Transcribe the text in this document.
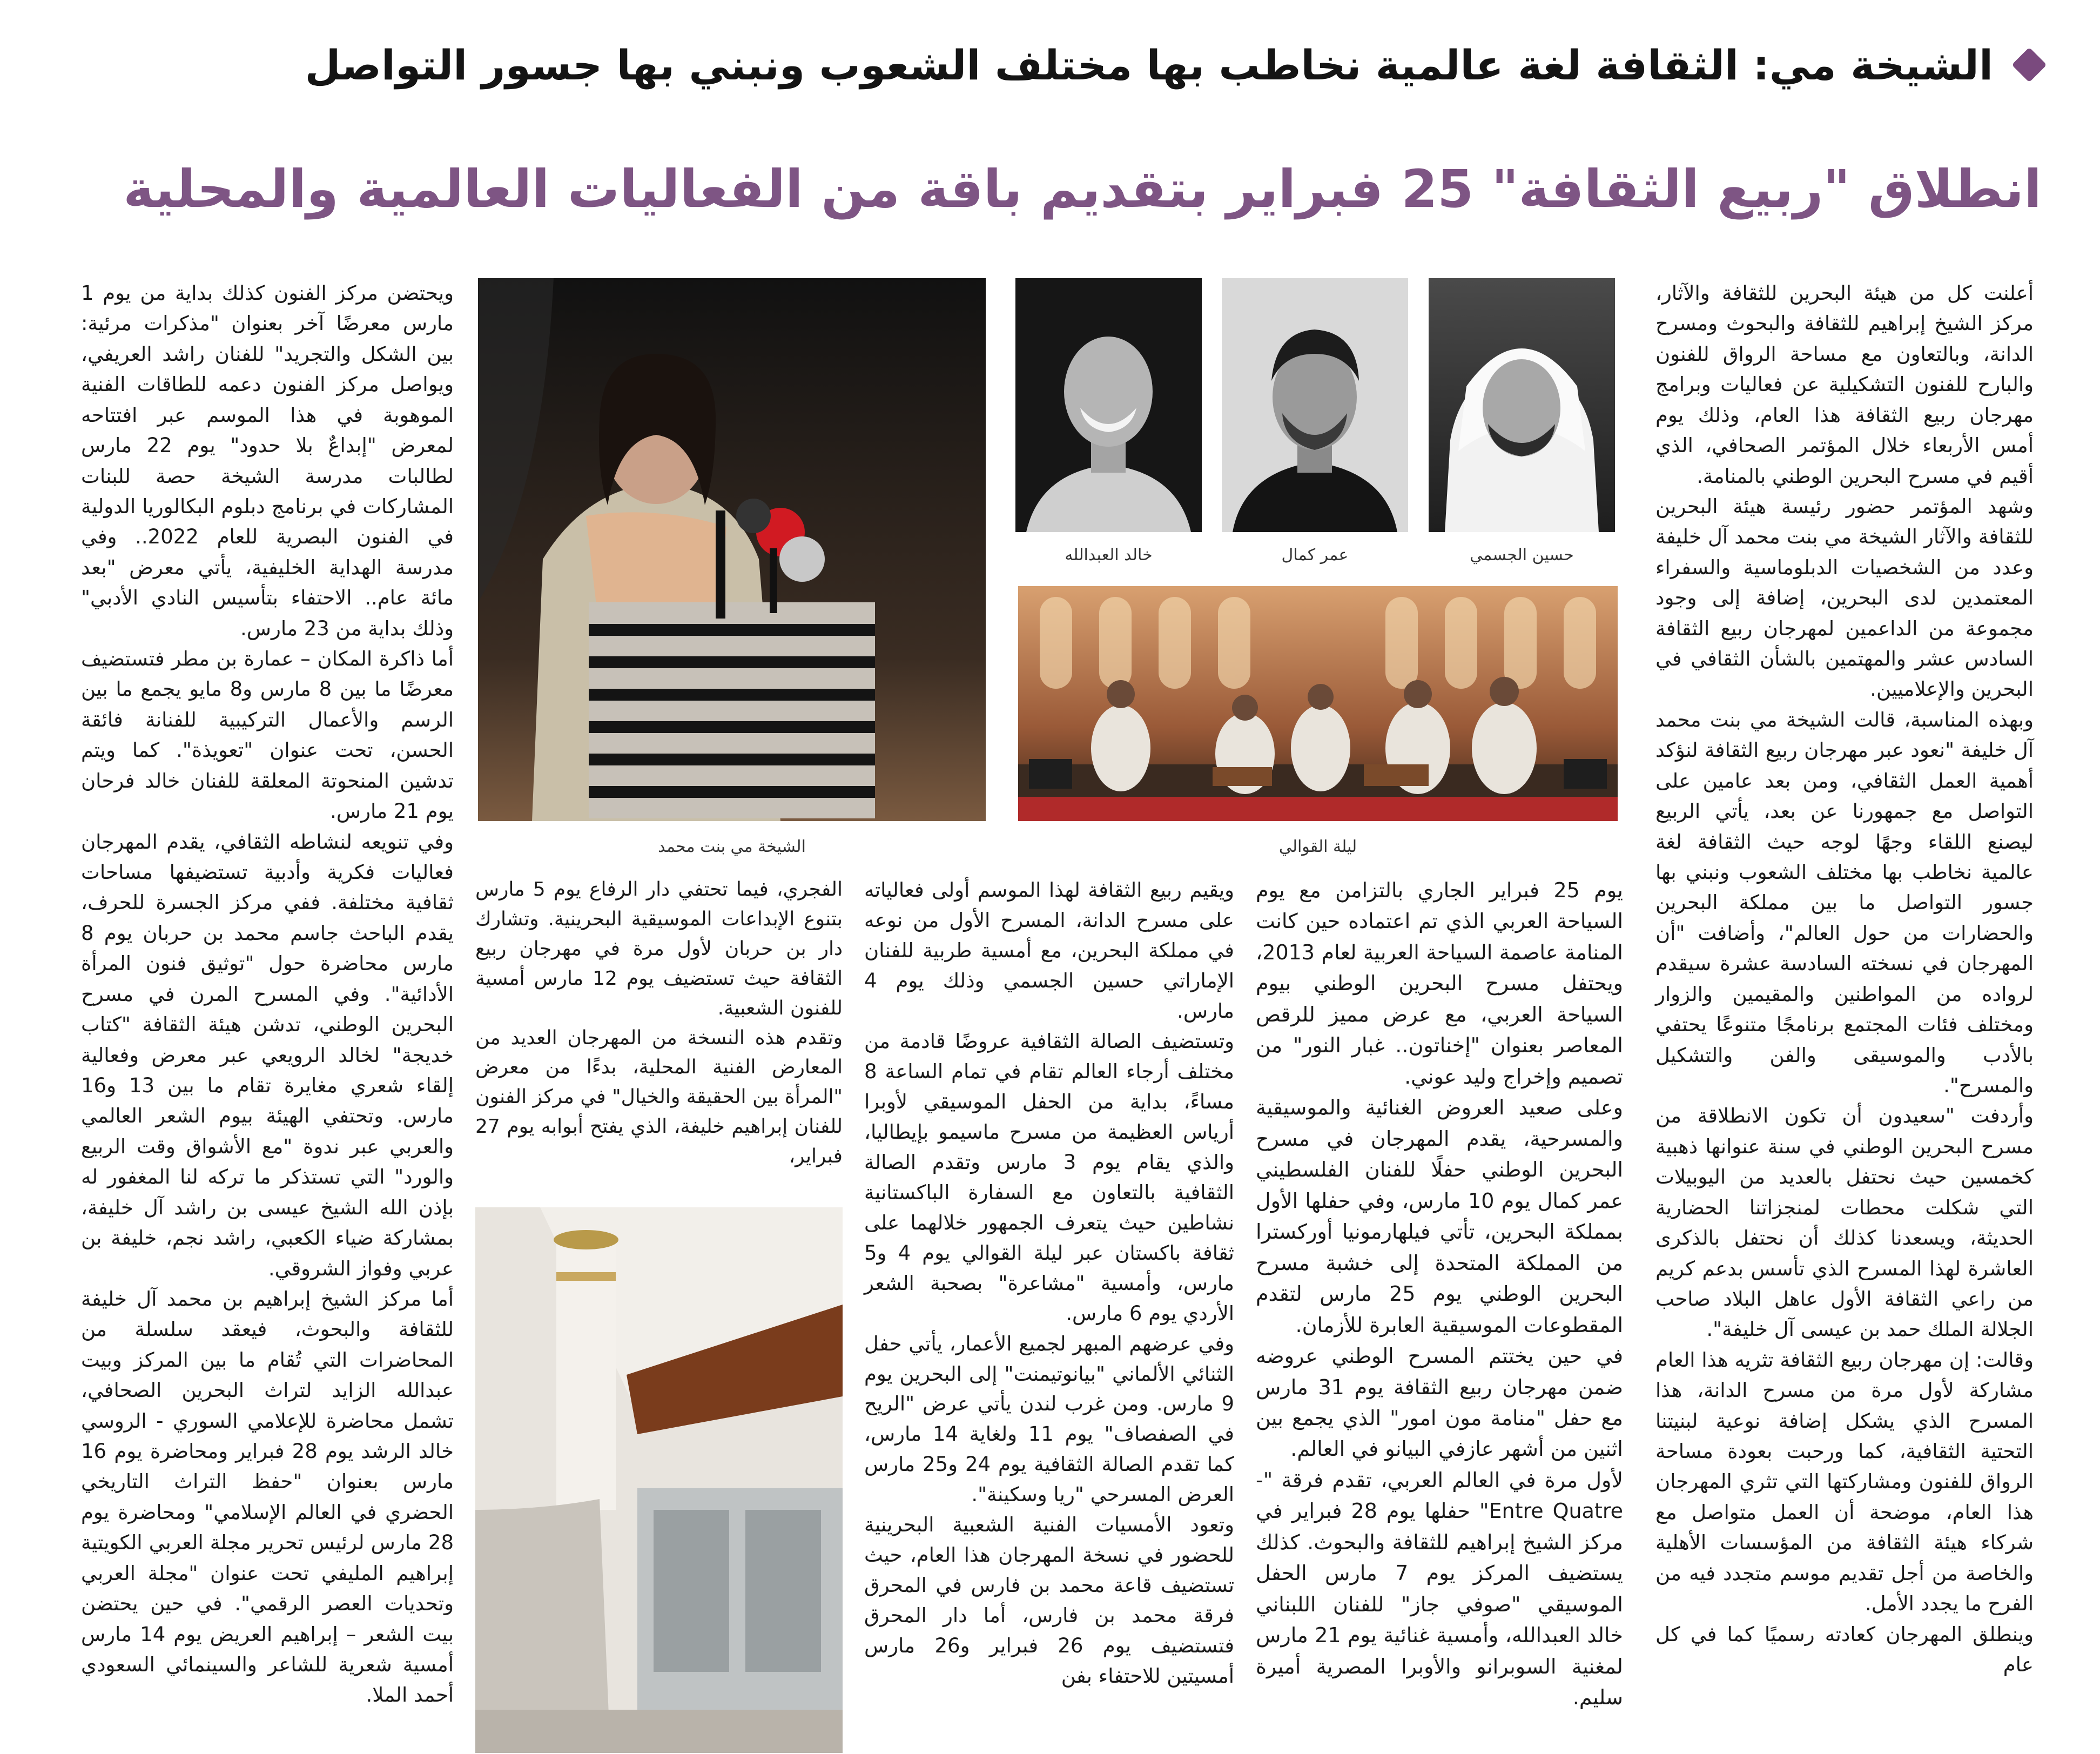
الشيخة مي: الثقافة لغة عالمية نخاطب بها مختلف الشعوب ونبني بها جسور التواصل
انطلاق "ربيع الثقافة" 25 فبراير بتقديم باقة من الفعاليات العالمية والمحلية

أعلنت كل من هيئة البحرين للثقافة والآثار، مركز الشيخ إبراهيم للثقافة والبحوث ومسرح الدانة، وبالتعاون مع مساحة الرواق للفنون والبارح للفنون التشكيلية عن فعاليات وبرامج مهرجان ربيع الثقافة هذا العام، وذلك يوم أمس الأربعاء خلال المؤتمر الصحافي، الذي أقيم في مسرح البحرين الوطني بالمنامة.

وشهد المؤتمر حضور رئيسة هيئة البحرين للثقافة والآثار الشيخة مي بنت محمد آل خليفة وعدد من الشخصيات الدبلوماسية والسفراء المعتمدين لدى البحرين، إضافة إلى وجود مجموعة من الداعمين لمهرجان ربيع الثقافة السادس عشر والمهتمين بالشأن الثقافي في البحرين والإعلاميين.

وبهذه المناسبة، قالت الشيخة مي بنت محمد آل خليفة "نعود عبر مهرجان ربيع الثقافة لنؤكد أهمية العمل الثقافي، ومن بعد عامين على التواصل مع جمهورنا عن بعد، يأتي الربيع ليصنع اللقاء وجهًا لوجه حيث الثقافة لغة عالمية نخاطب بها مختلف الشعوب ونبني بها جسور التواصل ما بين مملكة البحرين والحضارات من حول العالم"، وأضافت "أن المهرجان في نسخته السادسة عشرة سيقدم لرواده من المواطنين والمقيمين والزوار ومختلف فئات المجتمع برنامجًا متنوعًا يحتفي بالأدب والموسيقى والفن والتشكيل والمسرح".

وأردفت "سعيدون أن تكون الانطلاقة من مسرح البحرين الوطني في سنة عنوانها ذهبية كخمسين حيث نحتفل بالعديد من اليوبيلات التي شكلت محطات لمنجزاتنا الحضارية الحديثة، ويسعدنا كذلك أن نحتفل بالذكرى العاشرة لهذا المسرح الذي تأسس بدعم كريم من راعي الثقافة الأول عاهل البلاد صاحب الجلالة الملك حمد بن عيسى آل خليفة".

وقالت: إن مهرجان ربيع الثقافة تثريه هذا العام مشاركة لأول مرة من مسرح الدانة، هذا المسرح الذي يشكل إضافة نوعية لبنيتنا التحتية الثقافية، كما ورحبت بعودة مساحة الرواق للفنون ومشاركتها التي تثري المهرجان هذا العام، موضحة أن العمل متواصل مع شركاء هيئة الثقافة من المؤسسات الأهلية والخاصة من أجل تقديم موسم متجدد فيه من الفرح ما يجدد الأمل.

وينطلق المهرجان كعادته رسميًا كما في كل عام

حسين الجسمي
عمر كمال
خالد العبدالله
ليلة القوالي
الشيخة مي بنت محمد

يوم 25 فبراير الجاري بالتزامن مع يوم السياحة العربي الذي تم اعتماده حين كانت المنامة عاصمة السياحة العربية لعام 2013، ويحتفل مسرح البحرين الوطني بيوم السياحة العربي، مع عرض مميز للرقص المعاصر بعنوان "إخناتون.. غبار النور" من تصميم وإخراج وليد عوني.

وعلى صعيد العروض الغنائية والموسيقية والمسرحية، يقدم المهرجان في مسرح البحرين الوطني حفلًا للفنان الفلسطيني عمر كمال يوم 10 مارس، وفي حفلها الأول بمملكة البحرين، تأتي فيلهارمونيا أوركسترا من المملكة المتحدة إلى خشبة مسرح البحرين الوطني يوم 25 مارس لتقدم المقطوعات الموسيقية العابرة للأزمان.

في حين يختتم المسرح الوطني عروضه ضمن مهرجان ربيع الثقافة يوم 31 مارس مع حفل "منامة مون امور" الذي يجمع بين اثنين من أشهر عازفي البيانو في العالم.

لأول مرة في العالم العربي، تقدم فرقة "-Entre Quatre" حفلها يوم 28 فبراير في مركز الشيخ إبراهيم للثقافة والبحوث. كذلك يستضيف المركز يوم 7 مارس الحفل الموسيقي "صوفي جاز" للفنان اللبناني خالد العبدالله، وأمسية غنائية يوم 21 مارس لمغنية السوبرانو والأوبرا المصرية أميرة سليم.

ويقيم ربيع الثقافة لهذا الموسم أولى فعالياته على مسرح الدانة، المسرح الأول من نوعه في مملكة البحرين، مع أمسية طربية للفنان الإماراتي حسين الجسمي وذلك يوم 4 مارس.

وتستضيف الصالة الثقافية عروضًا قادمة من مختلف أرجاء العالم تقام في تمام الساعة 8 مساءً، بداية من الحفل الموسيقي لأوبرا أرياس العظيمة من مسرح ماسيمو بإيطاليا، والذي يقام يوم 3 مارس وتقدم الصالة الثقافية بالتعاون مع السفارة الباكستانية نشاطين حيث يتعرف الجمهور خلالهما على ثقافة باكستان عبر ليلة القوالي يوم 4 و5 مارس، وأمسية "مشاعرة" بصحبة الشعر الأردي يوم 6 مارس.

وفي عرضهم المبهر لجميع الأعمار، يأتي حفل الثنائي الألماني "بيانوتيمنت" إلى البحرين يوم 9 مارس. ومن غرب لندن يأتي عرض "الريح في الصفصاف" يوم 11 ولغاية 14 مارس، كما تقدم الصالة الثقافية يوم 24 و25 مارس العرض المسرحي "ريا وسكينة".

وتعود الأمسيات الفنية الشعبية البحرينية للحضور في نسخة المهرجان هذا العام، حيث تستضيف قاعة محمد بن فارس في المحرق فرقة محمد بن فارس، أما دار المحرق فتستضيف يوم 26 فبراير و26 مارس أمسيتين للاحتفاء بفن

الفجري، فيما تحتفي دار الرفاع يوم 5 مارس بتنوع الإبداعات الموسيقية البحرينية. وتشارك دار بن حربان لأول مرة في مهرجان ربيع الثقافة حيث تستضيف يوم 12 مارس أمسية للفنون الشعبية.

وتقدم هذه النسخة من المهرجان العديد من المعارض الفنية المحلية، بدءًا من معرض "المرأة بين الحقيقة والخيال" في مركز الفنون للفنان إبراهيم خليفة، الذي يفتح أبوابه يوم 27 فبراير،

ويحتضن مركز الفنون كذلك بداية من يوم 1 مارس معرضًا آخر بعنوان "مذكرات مرئية: بين الشكل والتجريد" للفنان راشد العريفي، ويواصل مركز الفنون دعمه للطاقات الفنية الموهوبة في هذا الموسم عبر افتتاحه لمعرض "إبداعٌ بلا حدود" يوم 22 مارس لطالبات مدرسة الشيخة حصة للبنات المشاركات في برنامج دبلوم البكالوريا الدولية في الفنون البصرية للعام 2022.. وفي مدرسة الهداية الخليفية، يأتي معرض "بعد مائة عام.. الاحتفاء بتأسيس النادي الأدبي" وذلك بداية من 23 مارس.

أما ذاكرة المكان – عمارة بن مطر فتستضيف معرضًا ما بين 8 مارس و8 مايو يجمع ما بين الرسم والأعمال التركيبية للفنانة فائقة الحسن، تحت عنوان "تعويذة". كما ويتم تدشين المنحوتة المعلقة للفنان خالد فرحان يوم 21 مارس.

وفي تنويعه لنشاطه الثقافي، يقدم المهرجان فعاليات فكرية وأدبية تستضيفها مساحات ثقافية مختلفة. ففي مركز الجسرة للحرف، يقدم الباحث جاسم محمد بن حربان يوم 8 مارس محاضرة حول "توثيق فنون المرأة الأدائية". وفي المسرح المرن في مسرح البحرين الوطني، تدشن هيئة الثقافة "كتاب خديجة" لخالد الرويعي عبر معرض وفعالية إلقاء شعري مغايرة تقام ما بين 13 و16 مارس. وتحتفي الهيئة بيوم الشعر العالمي والعربي عبر ندوة "مع الأشواق وقت الربيع والورد" التي تستذكر ما تركه لنا المغفور له بإذن الله الشيخ عيسى بن راشد آل خليفة، بمشاركة ضياء الكعبي، راشد نجم، خليفة بن عربي وفواز الشروقي.

أما مركز الشيخ إبراهيم بن محمد آل خليفة للثقافة والبحوث، فيعقد سلسلة من المحاضرات التي تُقام ما بين المركز وبيت عبدالله الزايد لتراث البحرين الصحافي، تشمل محاضرة للإعلامي السوري - الروسي خالد الرشد يوم 28 فبراير ومحاضرة يوم 16 مارس بعنوان "حفظ التراث التاريخي الحضري في العالم الإسلامي" ومحاضرة يوم 28 مارس لرئيس تحرير مجلة العربي الكويتية إبراهيم المليفي تحت عنوان "مجلة العربي وتحديات العصر الرقمي". في حين يحتضن بيت الشعر – إبراهيم العريض يوم 14 مارس أمسية شعرية للشاعر والسينمائي السعودي أحمد الملا.
